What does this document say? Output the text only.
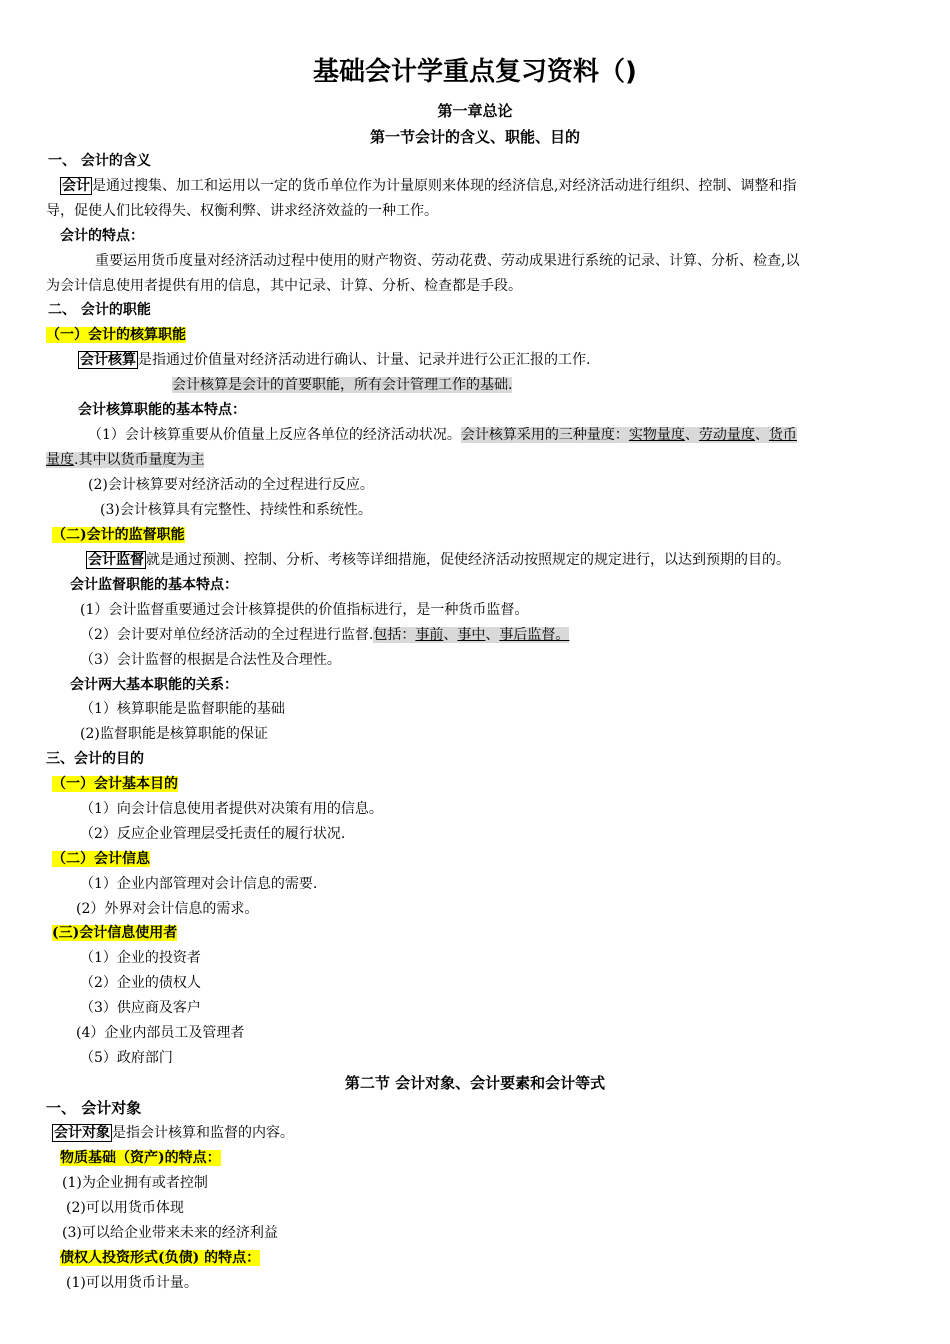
基础会计学重点复习资料（)
第一章总论
第一节会计的含义、职能、目的
一、 会计的含义
会计 是通过搜集、加工和运用以一定的货币单位作为计量原则来体现的经济信息,对经济活动进行组织、控制、调整和指
导，促使人们比较得失、权衡利弊、讲求经济效益的一种工作。
会计的特点：
重要运用货币度量对经济活动过程中使用的财产物资、劳动花费、劳动成果进行系统的记录、计算、分析、检查,以
为会计信息使用者提供有用的信息，其中记录、计算、分析、检查都是手段。
二、 会计的职能
（一）会计的核算职能
会计核算 是指通过价值量对经济活动进行确认、计量、记录并进行公正汇报的工作.
会计核算是会计的首要职能，所有会计管理工作的基础.
会计核算职能的基本特点：
（1）会计核算重要从价值量上反应各单位的经济活动状况。会计核算采用的三种量度：实物量度、劳动量度、货币
量度.其中以货币量度为主
(2)会计核算要对经济活动的全过程进行反应。
(3)会计核算具有完整性、持续性和系统性。
（二)会计的监督职能
会计监督 就是通过预测、控制、分析、考核等详细措施，促使经济活动按照规定的规定进行，以达到预期的目的。
会计监督职能的基本特点：
(1）会计监督重要通过会计核算提供的价值指标进行，是一种货币监督。
（2）会计要对单位经济活动的全过程进行监督.包括：事前、事中、事后监督。
（3）会计监督的根据是合法性及合理性。
会计两大基本职能的关系：
（1）核算职能是监督职能的基础
(2)监督职能是核算职能的保证
三、会计的目的
（一）会计基本目的
（1）向会计信息使用者提供对决策有用的信息。
（2）反应企业管理层受托责任的履行状况.
（二）会计信息
（1）企业内部管理对会计信息的需要.
(2）外界对会计信息的需求。
(三)会计信息使用者
（1）企业的投资者
（2）企业的债权人
（3）供应商及客户
(4）企业内部员工及管理者
（5）政府部门
第二节 会计对象、会计要素和会计等式
一、 会计对象
会计对象 是指会计核算和监督的内容。
物质基础（资产)的特点：
(1)为企业拥有或者控制
(2)可以用货币体现
(3)可以给企业带来未来的经济利益
债权人投资形式(负债) 的特点：
(1)可以用货币计量。
